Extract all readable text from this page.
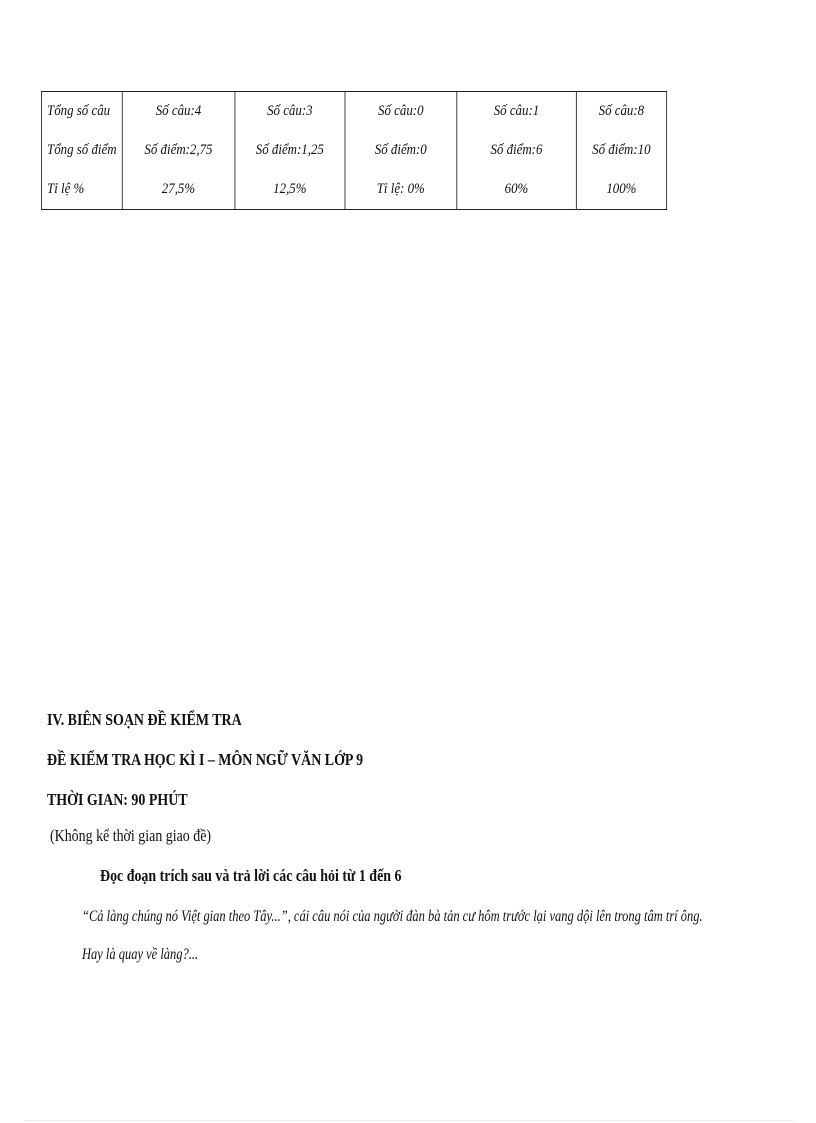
Tổng số câu	Số câu:4	Số câu:3	Số câu:0	Số câu:1	Số câu:8
Tổng số điểm	Số điểm:2,75	Số điểm:1,25	Số điểm:0	Số điểm:6	Số điểm:10
Tỉ lệ %	27,5%	12,5%	Tỉ lệ: 0%	60%	100%
IV. BIÊN SOẠN ĐỀ KIỂM TRA
ĐỀ KIỂM TRA HỌC KÌ I – MÔN NGỮ VĂN LỚP 9
THỜI GIAN: 90 PHÚT
(Không kể thời gian giao đề)
Đọc đoạn trích sau và trả lời các câu hỏi từ 1 đến 6
“Cả làng chúng nó Việt gian theo Tây...”, cái câu nói của người đàn bà tản cư hôm trước lại vang dội lên trong tâm trí ông.
Hay là quay về làng?...
